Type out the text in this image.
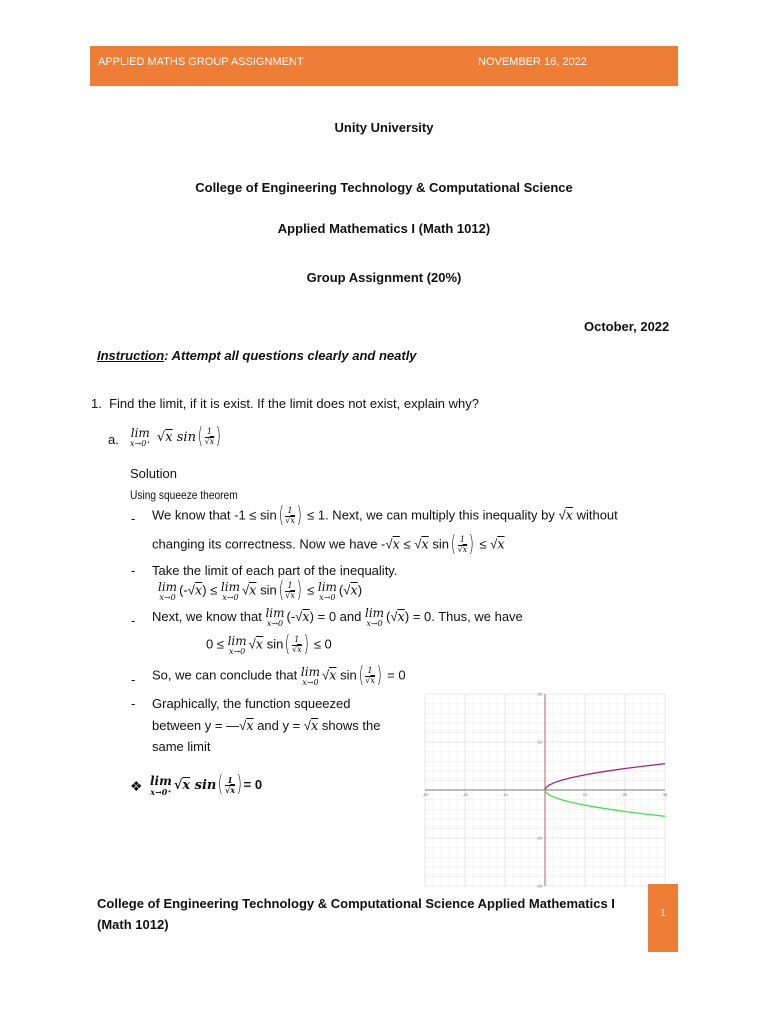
APPLIED MATHS GROUP ASSIGNMENT	NOVEMBER 16, 2022
Unity University
College of Engineering Technology & Computational Science
Applied Mathematics I (Math 1012)
Group Assignment (20%)
October, 2022
Instruction: Attempt all questions clearly and neatly
1. Find the limit, if it is exist. If the limit does not exist, explain why?
a. lim
x→0⁺ √x $\sin( \frac{1}{√x}$ )
Solution
Using squeeze theorem
- We know that $-1 \le \sin( \frac{1}{√x}$ ) ≤ 1. Next, we can multiply this inequality by √x without
changing its correctness. Now we have -√x ≤ √x $\sin( \frac{1}{√x}$ ) ≤ √x
- Take the limit of each part of the inequality.
lim
x→0 (-√x) ≤ lim
x→0 √x $\sin( \frac{1}{√x}$ ) ≤ lim
x→0 (√x)
- Next, we know that lim
x→0 (-√x) = 0 and lim
x→0 (√x) = 0. Thus, we have
0 ≤ lim
x→0 √x $\sin( \frac{1}{√x}$ ) ≤ 0
- So, we can conclude that lim
x→0 √x $\sin( \frac{1}{√x}$ ) = 0
- Graphically, the function squeezed
between y = —√x and y = √x shows the
same limit
❖ lim
x→0⁺ √x $\sin( \frac{1}{√x}$ ) = 0
-30	-20	-10	10	20	30
20
10
-10
-20
College of Engineering Technology & Computational Science Applied Mathematics I (Math 1012)
1
